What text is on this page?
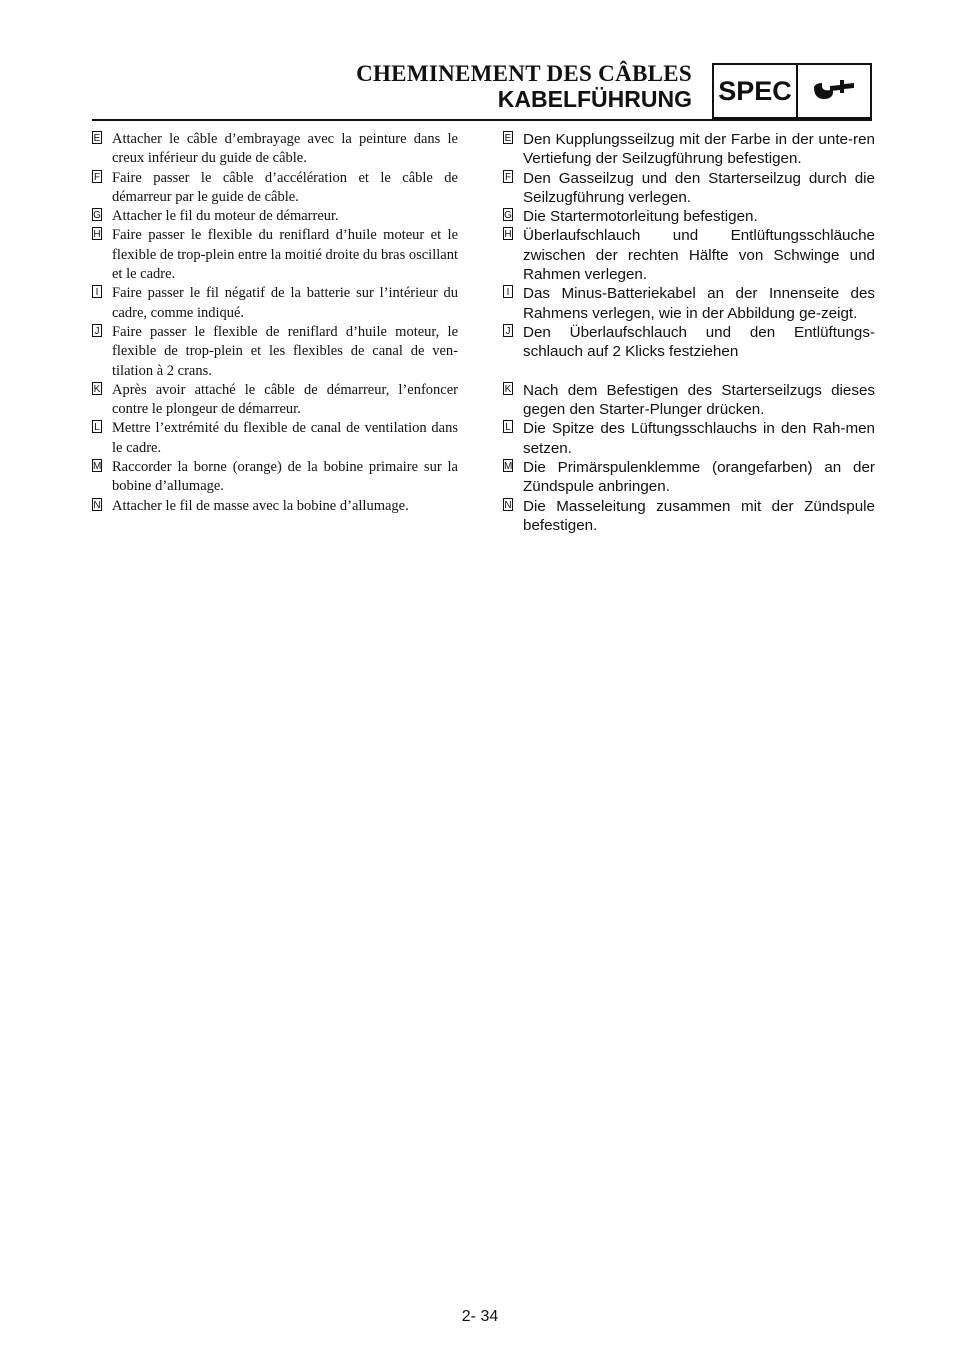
CHEMINEMENT DES CÂBLES
KABELFÜHRUNG SPEC
E Attacher le câble d’embrayage avec la peinture dans le creux inférieur du guide de câble.
F Faire passer le câble d’accélération et le câble de démarreur par le guide de câble.
G Attacher le fil du moteur de démarreur.
H Faire passer le flexible du reniflard d’huile moteur et le flexible de trop-plein entre la moitié droite du bras oscillant et le cadre.
I Faire passer le fil négatif de la batterie sur l’intérieur du cadre, comme indiqué.
J Faire passer le flexible de reniflard d’huile moteur, le flexible de trop-plein et les flexibles de canal de ven-tilation à 2 crans.
K Après avoir attaché le câble de démarreur, l’enfoncer contre le plongeur de démarreur.
L Mettre l’extrémité du flexible de canal de ventilation dans le cadre.
M Raccorder la borne (orange) de la bobine primaire sur la bobine d’allumage.
N Attacher le fil de masse avec la bobine d’allumage.
E Den Kupplungsseilzug mit der Farbe in der unte-ren Vertiefung der Seilzugführung befestigen.
F Den Gasseilzug und den Starterseilzug durch die Seilzugführung verlegen.
G Die Startermotorleitung befestigen.
H Überlaufschlauch und Entlüftungsschläuche zwischen der rechten Hälfte von Schwinge und Rahmen verlegen.
I Das Minus-Batteriekabel an der Innenseite des Rahmens verlegen, wie in der Abbildung ge-zeigt.
J Den Überlaufschlauch und den Entlüftungs-schlauch auf 2 Klicks festziehen
K Nach dem Befestigen des Starterseilzugs dieses gegen den Starter-Plunger drücken.
L Die Spitze des Lüftungsschlauchs in den Rah-men setzen.
M Die Primärspulenklemme (orangefarben) an der Zündspule anbringen.
N Die Masseleitung zusammen mit der Zündspule befestigen.
2- 34
